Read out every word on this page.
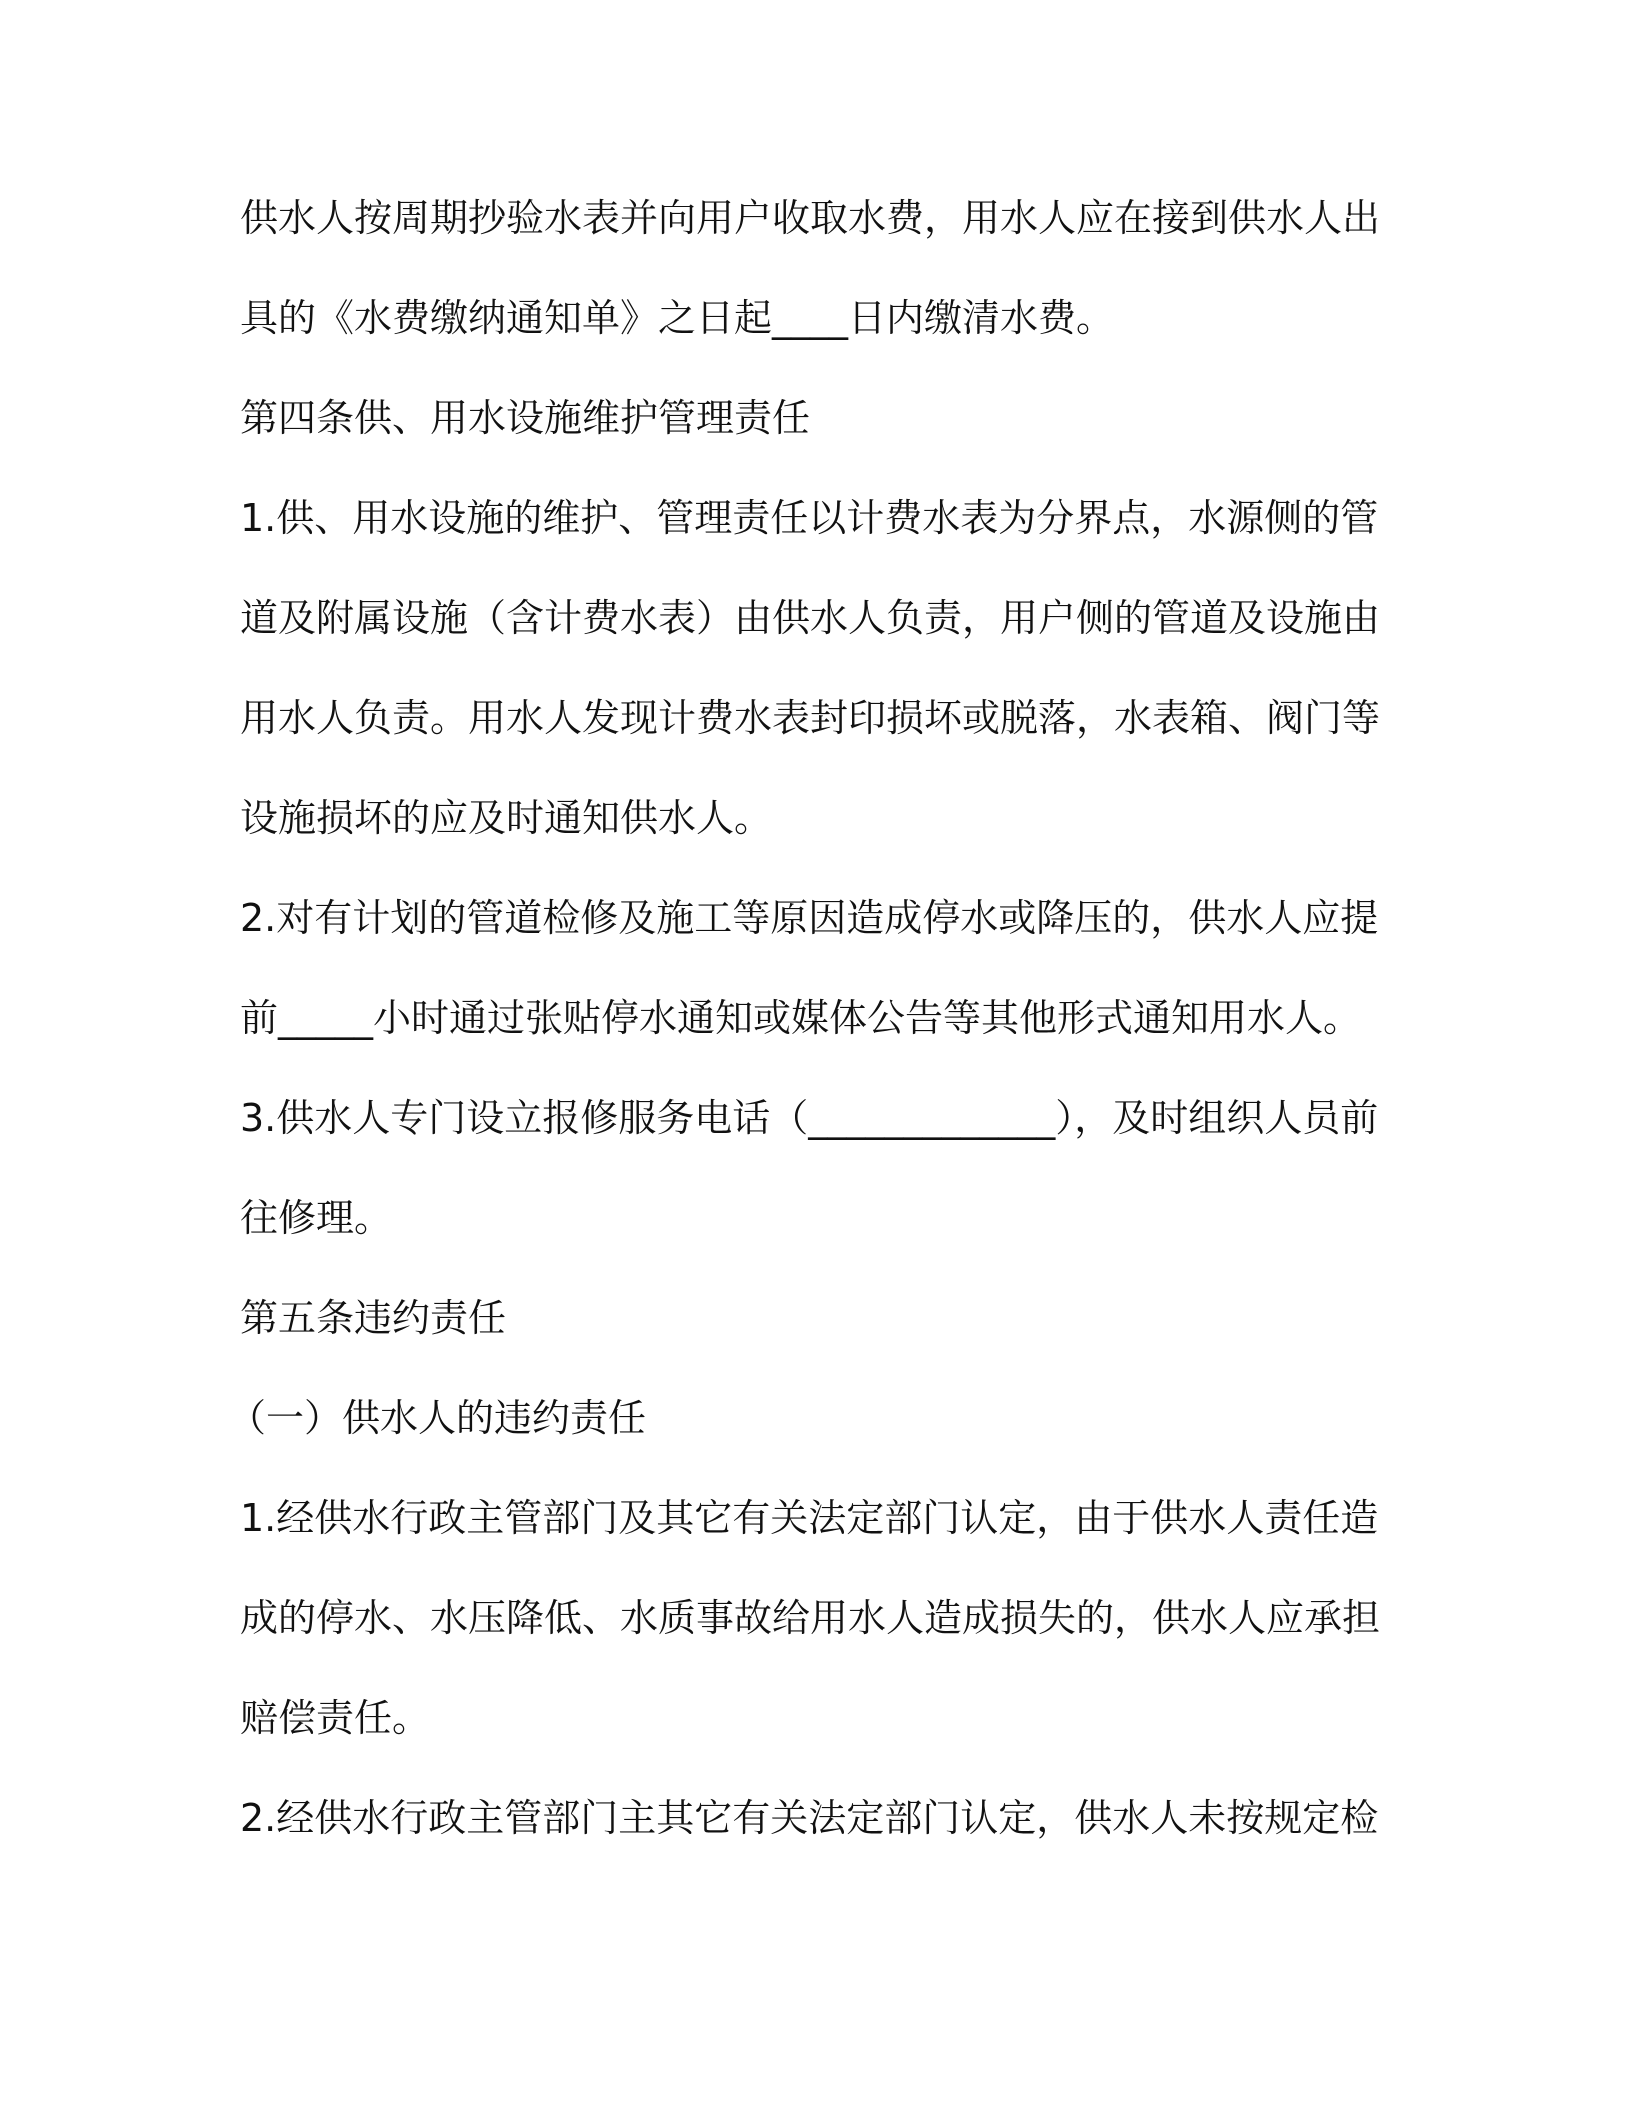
供水人按周期抄验水表并向用户收取水费，用水人应在接到供水人出
具的《水费缴纳通知单》之日起____日内缴清水费。
第四条供、用水设施维护管理责任
1.供、用水设施的维护、管理责任以计费水表为分界点，水源侧的管
道及附属设施（含计费水表）由供水人负责，用户侧的管道及设施由
用水人负责。用水人发现计费水表封印损坏或脱落，水表箱、阀门等
设施损坏的应及时通知供水人。
2.对有计划的管道检修及施工等原因造成停水或降压的，供水人应提
前_____小时通过张贴停水通知或媒体公告等其他形式通知用水人。
3.供水人专门设立报修服务电话（_____________），及时组织人员前
往修理。
第五条违约责任
（一）供水人的违约责任
1.经供水行政主管部门及其它有关法定部门认定，由于供水人责任造
成的停水、水压降低、水质事故给用水人造成损失的，供水人应承担
赔偿责任。
2.经供水行政主管部门主其它有关法定部门认定，供水人未按规定检
